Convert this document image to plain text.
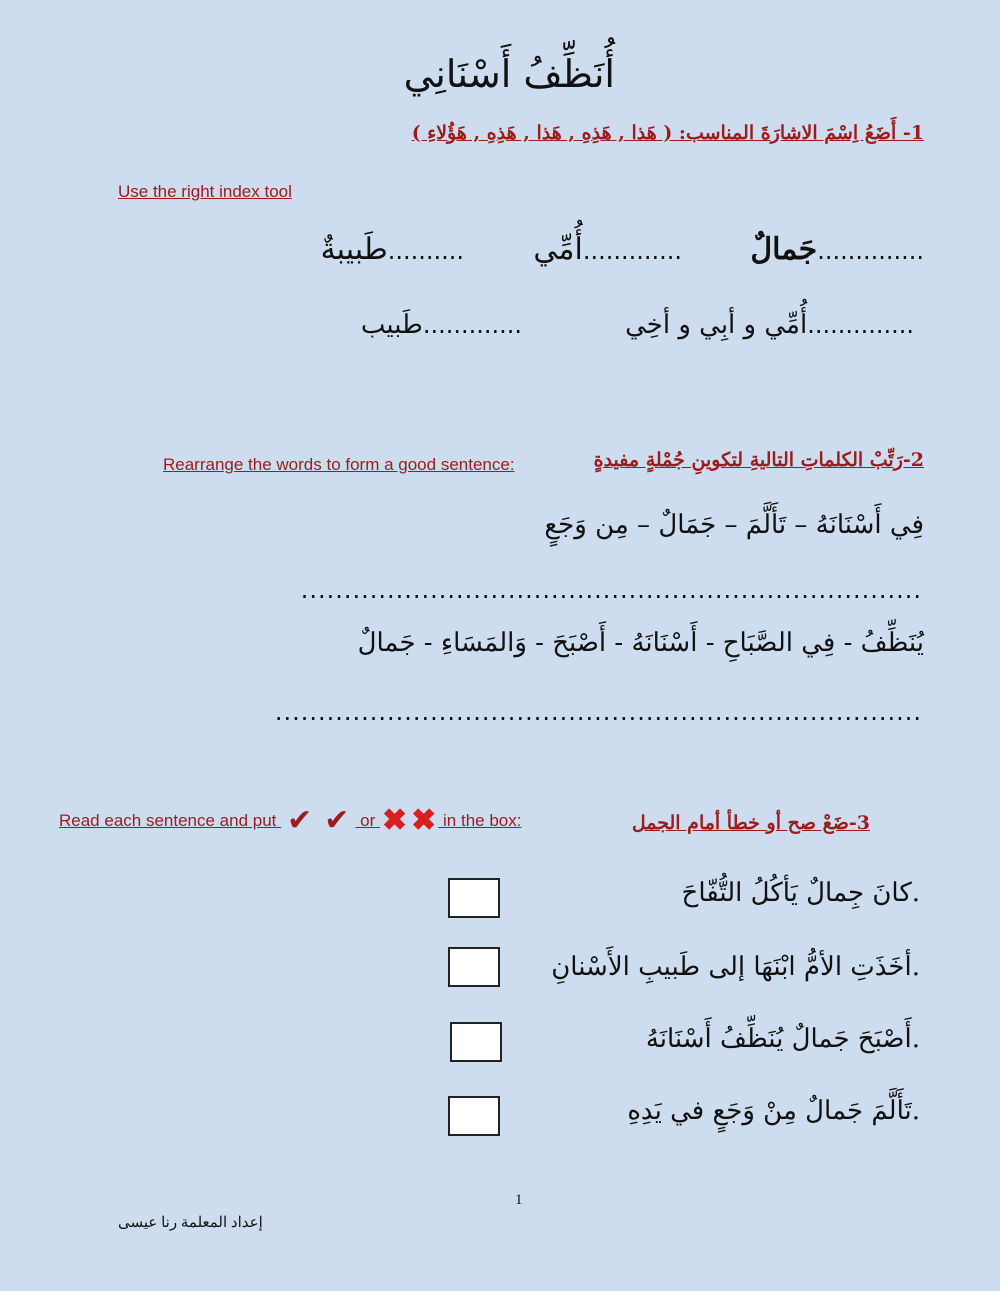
أُنَظِّفُ أَسْنَانِي
1- أَضَعُ اِسْمَ الاشارَةَ المناسب: ( هَذا , هَذِهِ , هَذا , هَذِهِ , هَؤُلاءِ )
Use the right index tool
..............جَمالٌ
.............أُمِّي
..........طَبيبةٌ
..............أُمِّي و أبِي و أخِي
.............طَبيب
2-رَتِّبْ الكلماتِ التاليةِ لتكوينِ جُمْلةٍ مفيدةٍ
Rearrange the words to form a good sentence:
فِي أَسْنَانَهُ – تَأَلَّمَ – جَمَالٌ – مِن وَجَعٍ
........................................................................
يُنَظِّفُ - فِي الصَّبَاحِ - أَسْنَانَهُ - أَصْبَحَ - وَالمَسَاءِ - جَمالٌ
...........................................................................
3-ضَعْ صح أو خطأ أمام الجمل
Read each sentence and put ✔ ✔ or ✖ ✖ in the box:
.كانَ جِمالٌ يَأكُلُ التُّفّاحَ
.أخَذَتِ الأمُّ ابْنَهَا إلى طَبيبِ الأَسْنانِ
.أَصْبَحَ جَمالٌ يُنَظِّفُ أَسْنَانَهُ
.تَأَلَّمَ جَمالٌ مِنْ وَجَعٍ في يَدِهِ
1
إعداد المعلمة رنا عيسى
